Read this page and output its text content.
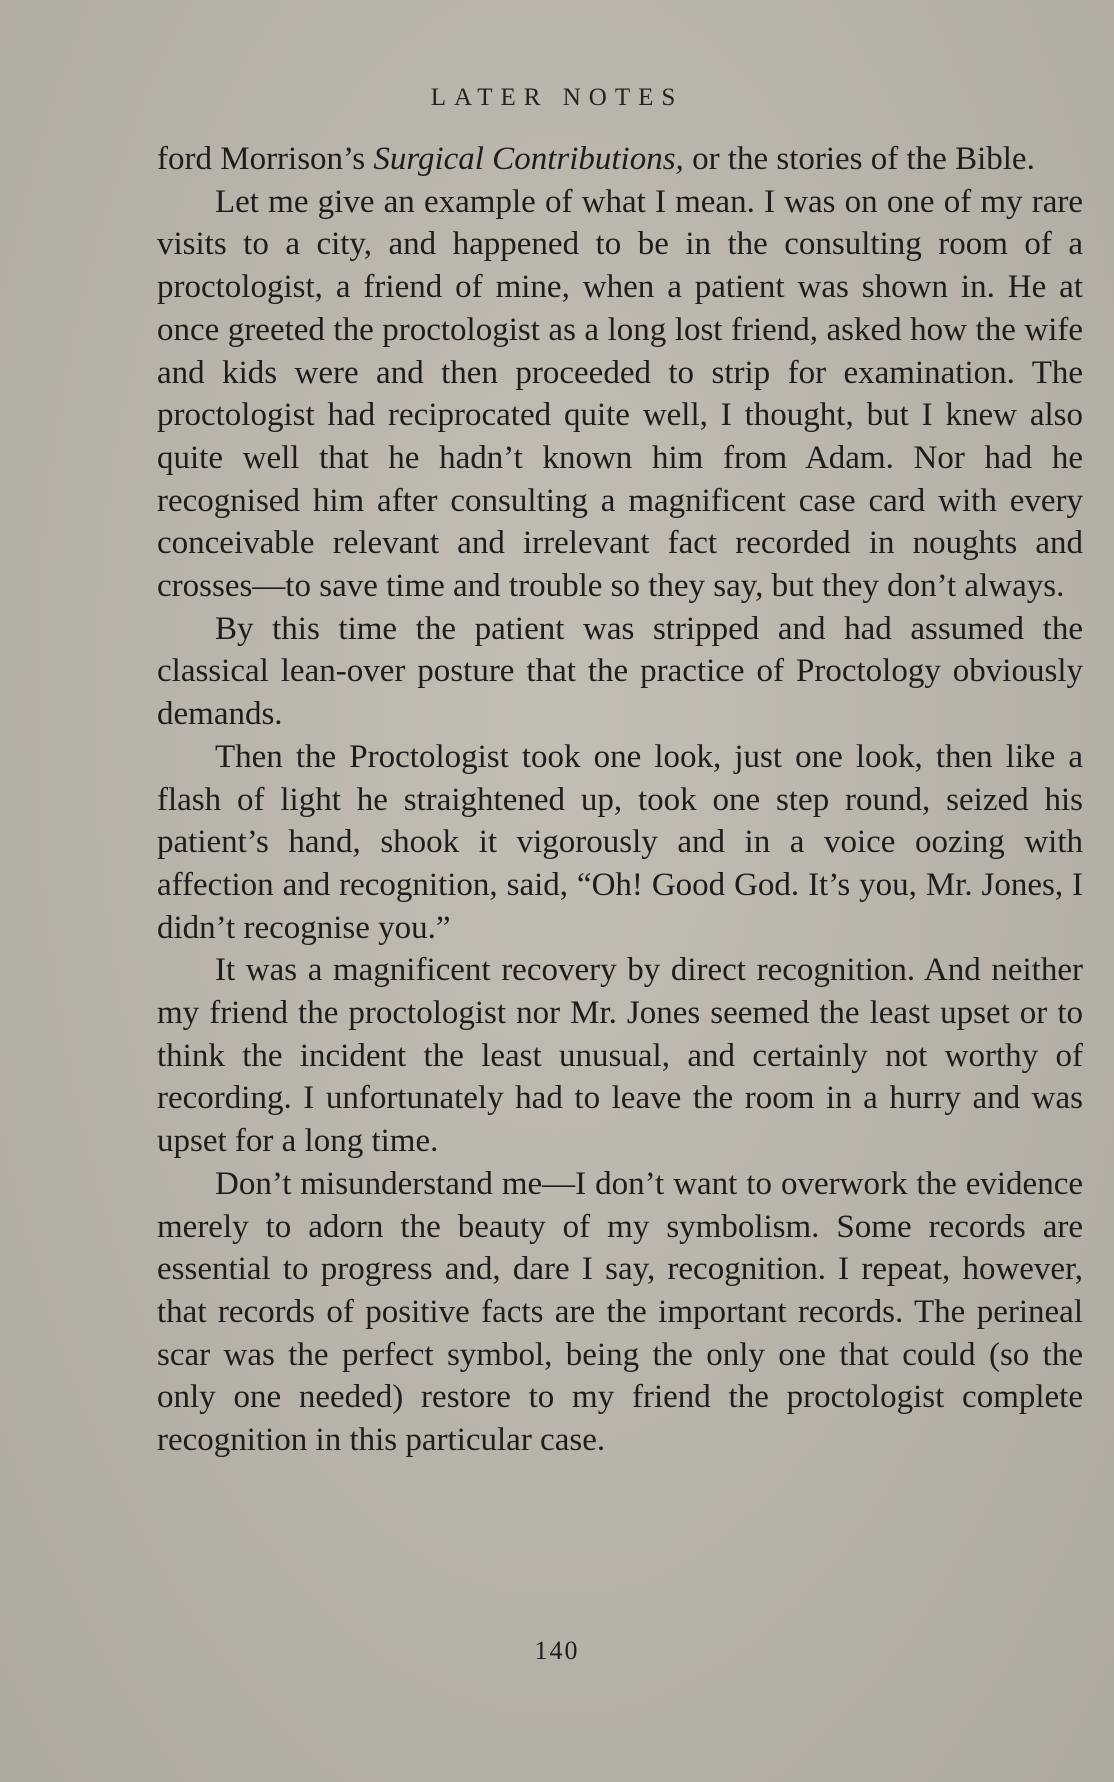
LATER NOTES

ford Morrison’s Surgical Contributions, or the stories of the Bible.

Let me give an example of what I mean. I was on one of my rare visits to a city, and happened to be in the consulting room of a proctologist, a friend of mine, when a patient was shown in. He at once greeted the proctologist as a long lost friend, asked how the wife and kids were and then proceeded to strip for examination. The proctologist had reciprocated quite well, I thought, but I knew also quite well that he hadn’t known him from Adam. Nor had he recognised him after consulting a magnificent case card with every conceivable relevant and irrelevant fact recorded in noughts and crosses—to save time and trouble so they say, but they don’t always.

By this time the patient was stripped and had assumed the classical lean-over posture that the practice of Proctology obviously demands.

Then the Proctologist took one look, just one look, then like a flash of light he straightened up, took one step round, seized his patient’s hand, shook it vigorously and in a voice oozing with affection and recognition, said, “Oh! Good God. It’s you, Mr. Jones, I didn’t recognise you.”

It was a magnificent recovery by direct recognition. And neither my friend the proctologist nor Mr. Jones seemed the least upset or to think the incident the least unusual, and certainly not worthy of recording. I unfortunately had to leave the room in a hurry and was upset for a long time.

Don’t misunderstand me—I don’t want to overwork the evidence merely to adorn the beauty of my symbolism. Some records are essential to progress and, dare I say, recognition. I repeat, however, that records of positive facts are the important records. The perineal scar was the perfect symbol, being the only one that could (so the only one needed) restore to my friend the proctologist complete recognition in this particular case.

140
